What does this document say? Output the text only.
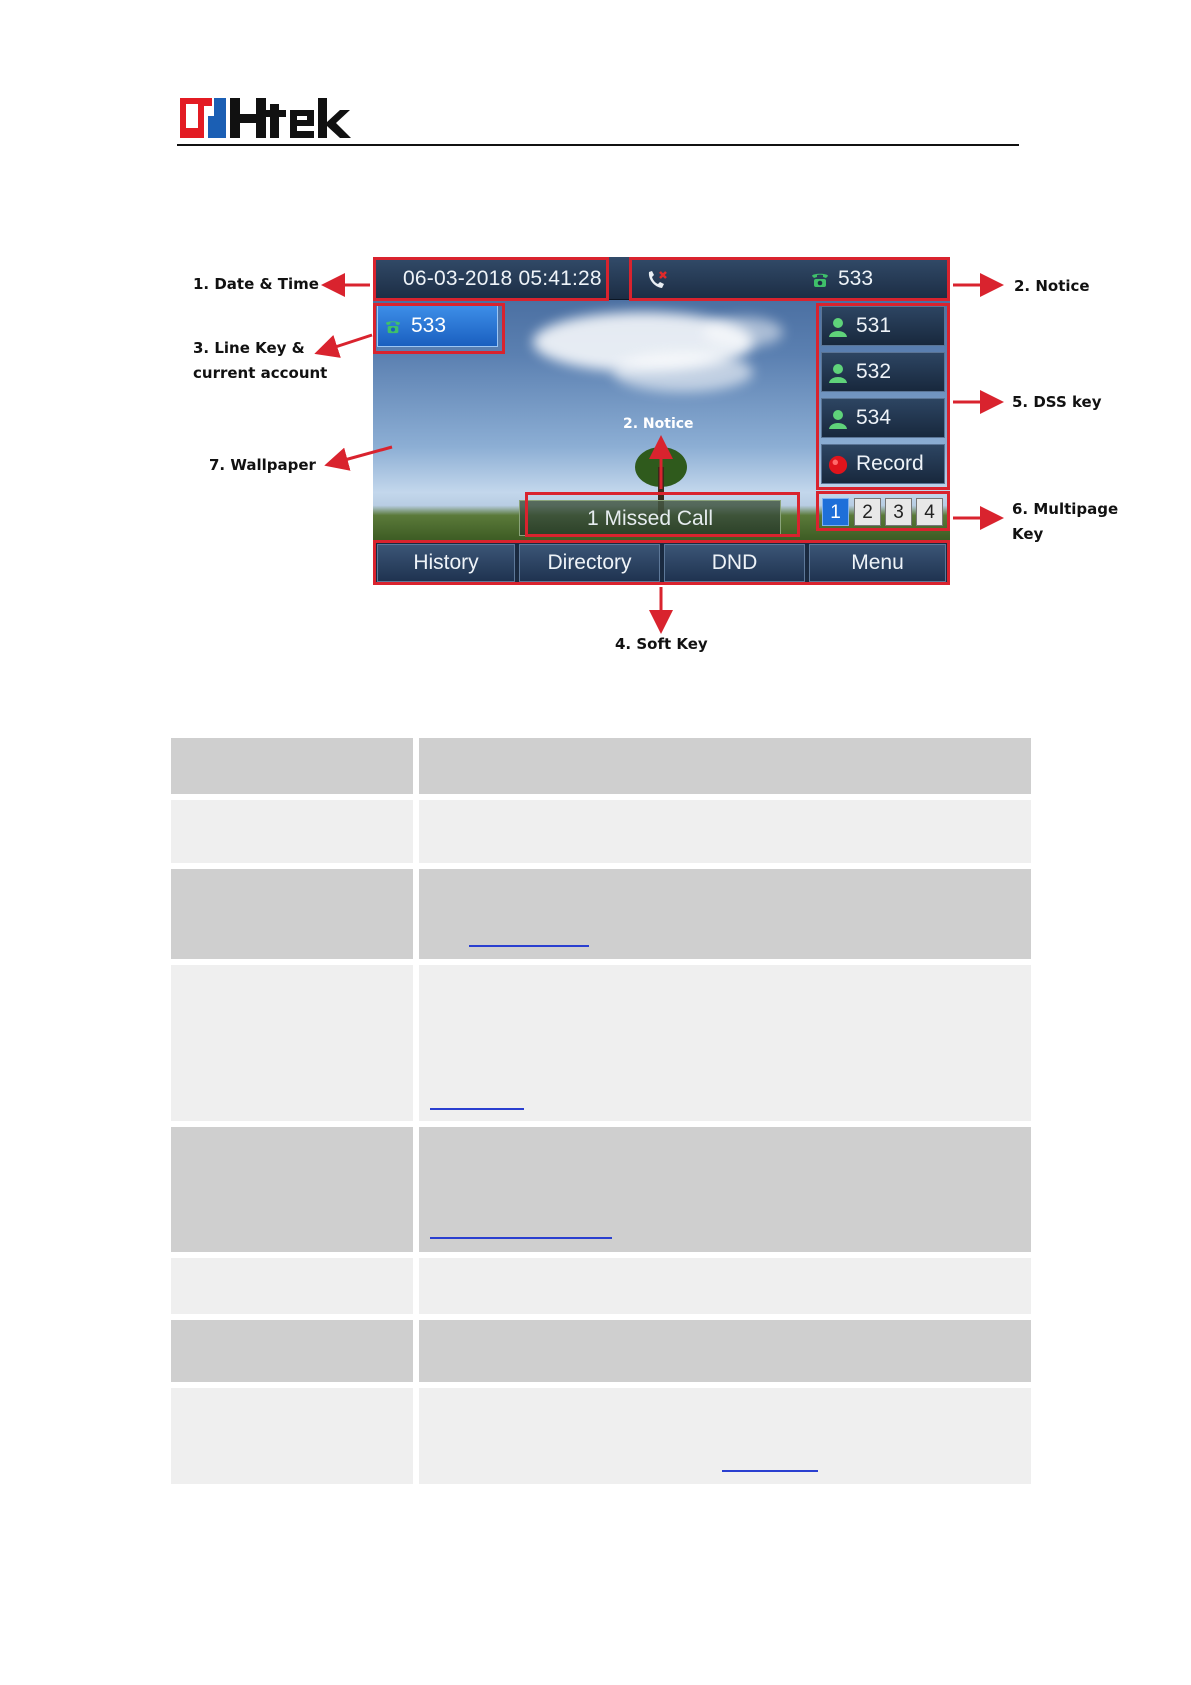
06-03-2018 05:41:28	533
533	531
532
534
Record
1 Missed Call	1	2	3	4
2. Notice
History	Directory	DND	Menu
1. Date & Time	2. Notice
3. Line Key &
current account
7. Wallpaper
5. DSS key
6. Multipage
Key
4. Soft Key
